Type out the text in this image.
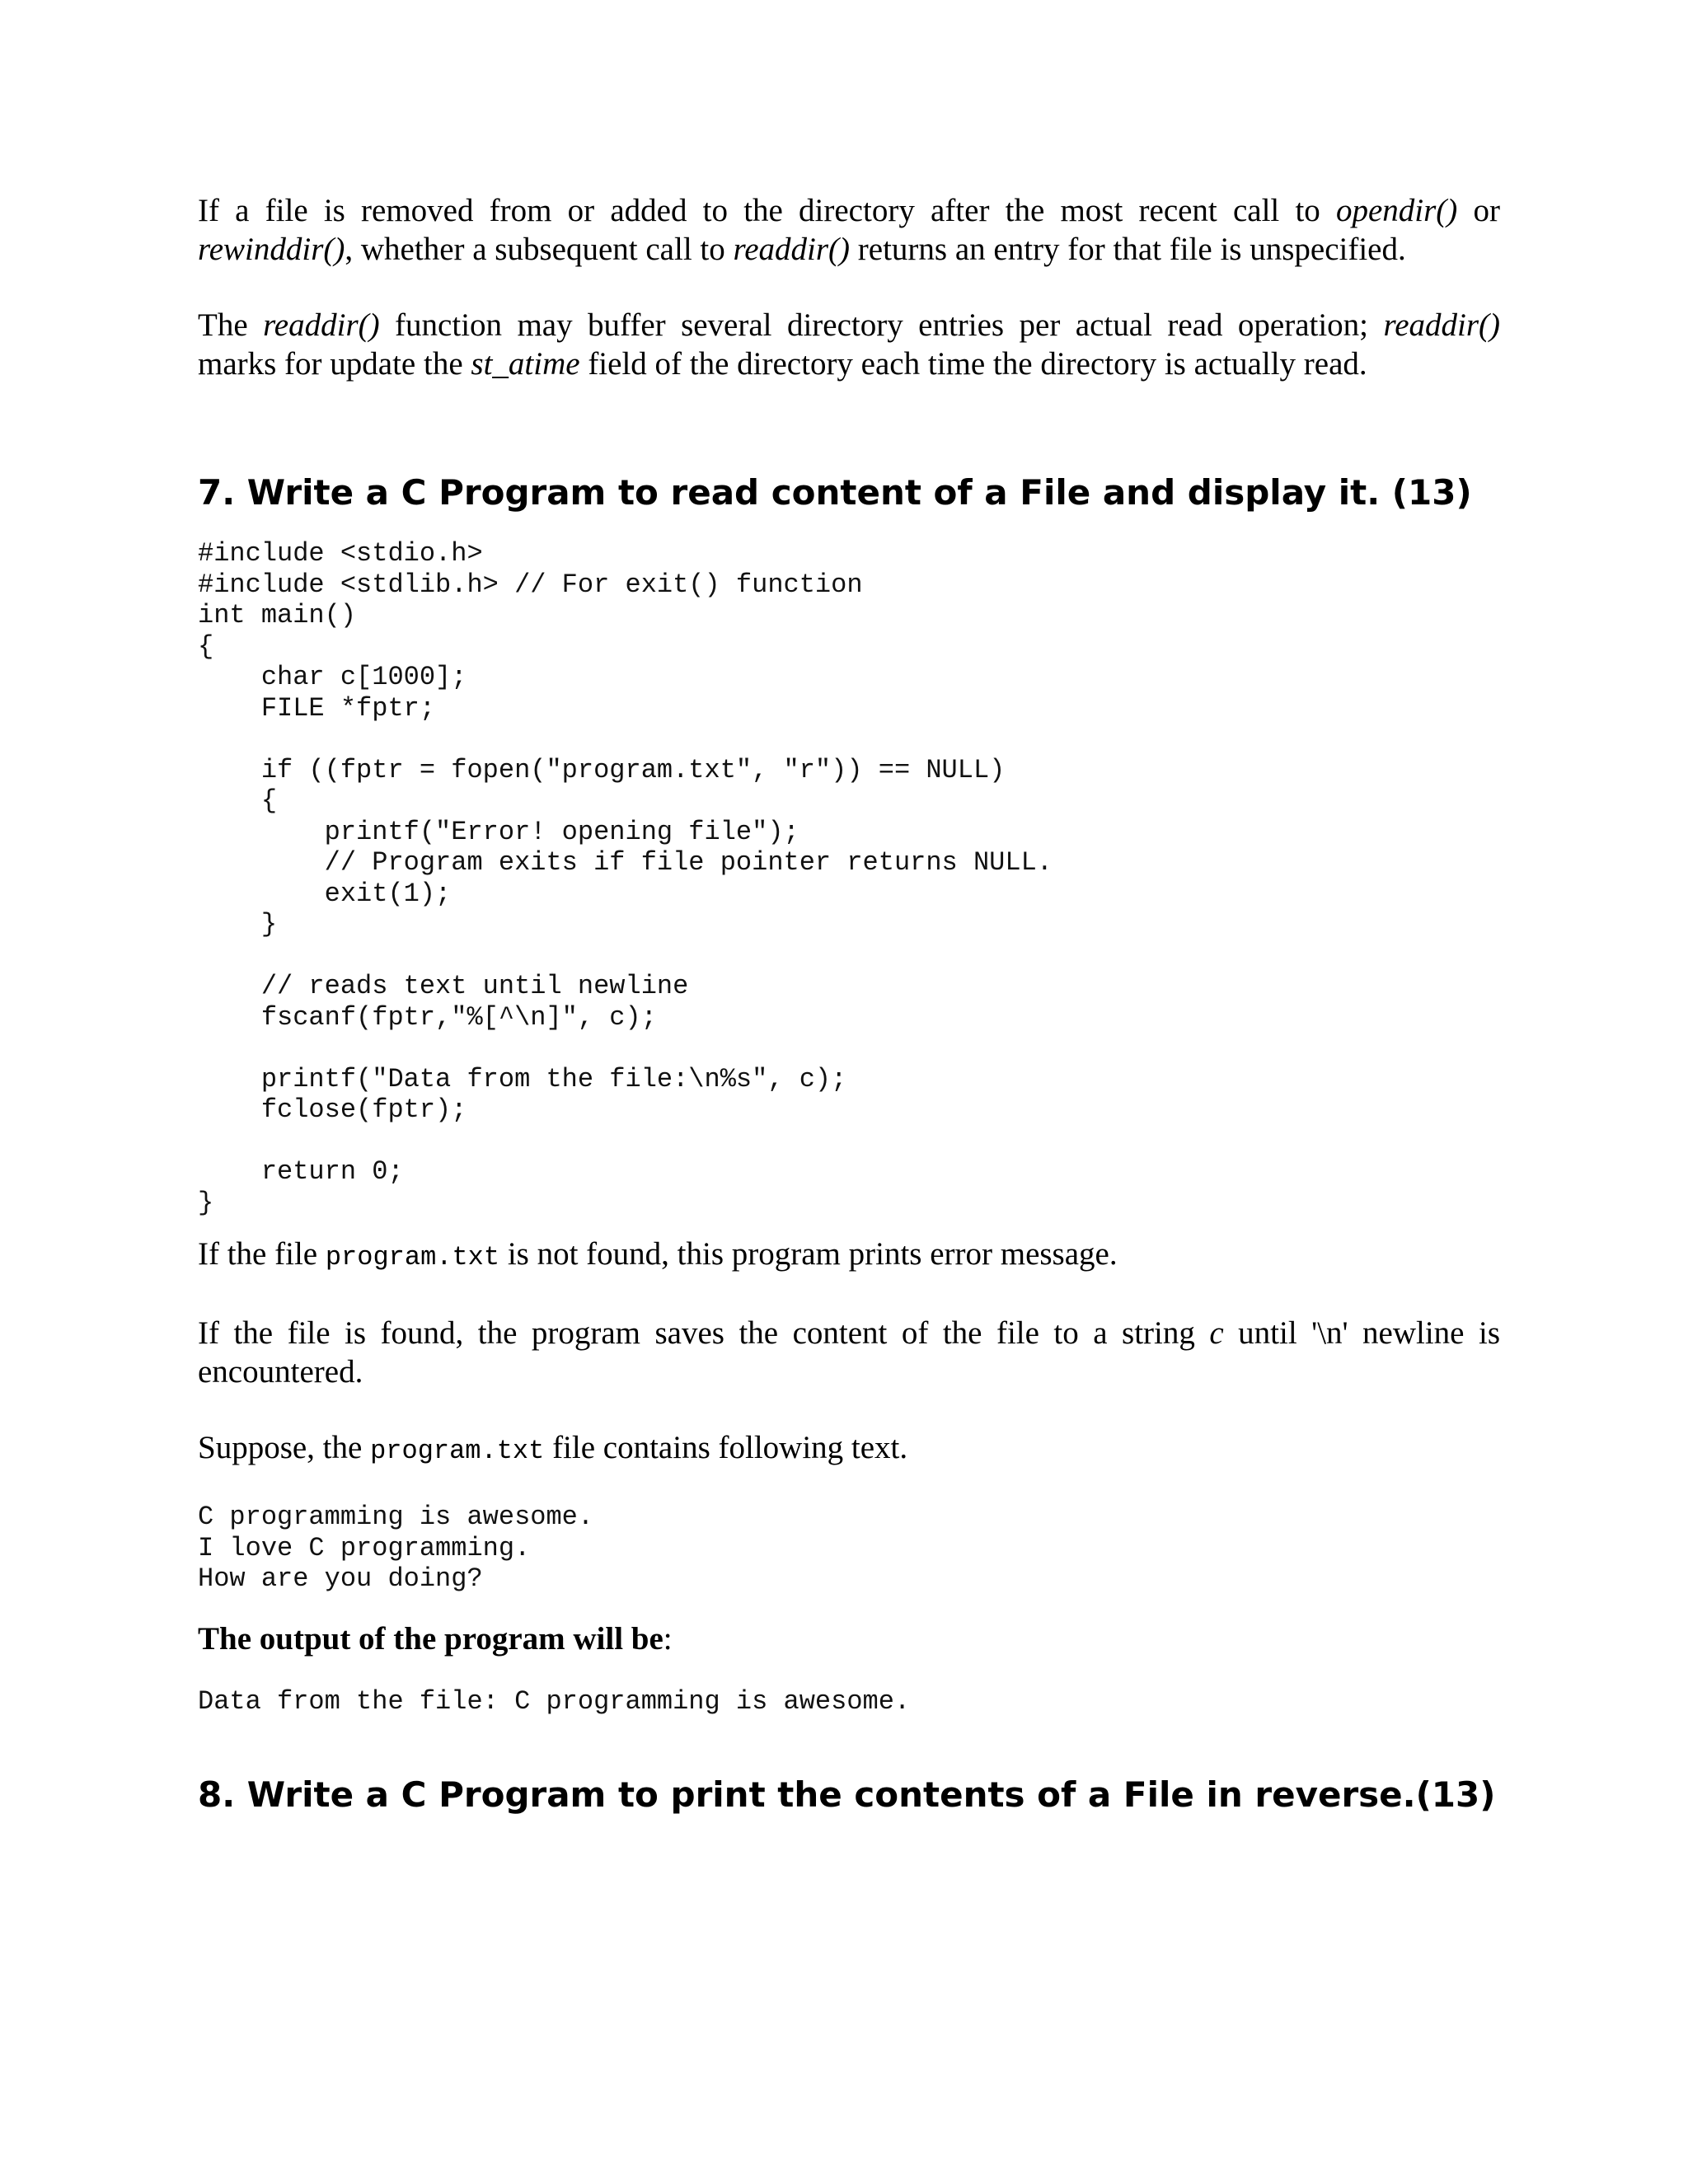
If a file is removed from or added to the directory after the most recent call to opendir() or rewinddir(), whether a subsequent call to readdir() returns an entry for that file is unspecified.

The readdir() function may buffer several directory entries per actual read operation; readdir() marks for update the st_atime field of the directory each time the directory is actually read.

7. Write a C Program to read content of a File and display it. (13)
#include <stdio.h>
#include <stdlib.h> // For exit() function
int main()
{
char c[1000];
FILE *fptr;

if ((fptr = fopen("program.txt", "r")) == NULL)
{
printf("Error! opening file");
// Program exits if file pointer returns NULL.
exit(1);
}

// reads text until newline
fscanf(fptr,"%[^\n]", c);

printf("Data from the file:\n%s", c);
fclose(fptr);

return 0;
}

If the file program.txt is not found, this program prints error message.

If the file is found, the program saves the content of the file to a string c until '\n' newline is encountered.

Suppose, the program.txt file contains following text.

C programming is awesome.
I love C programming.
How are you doing?

The output of the program will be:

Data from the file: C programming is awesome.
8. Write a C Program to print the contents of a File in reverse.(13)
